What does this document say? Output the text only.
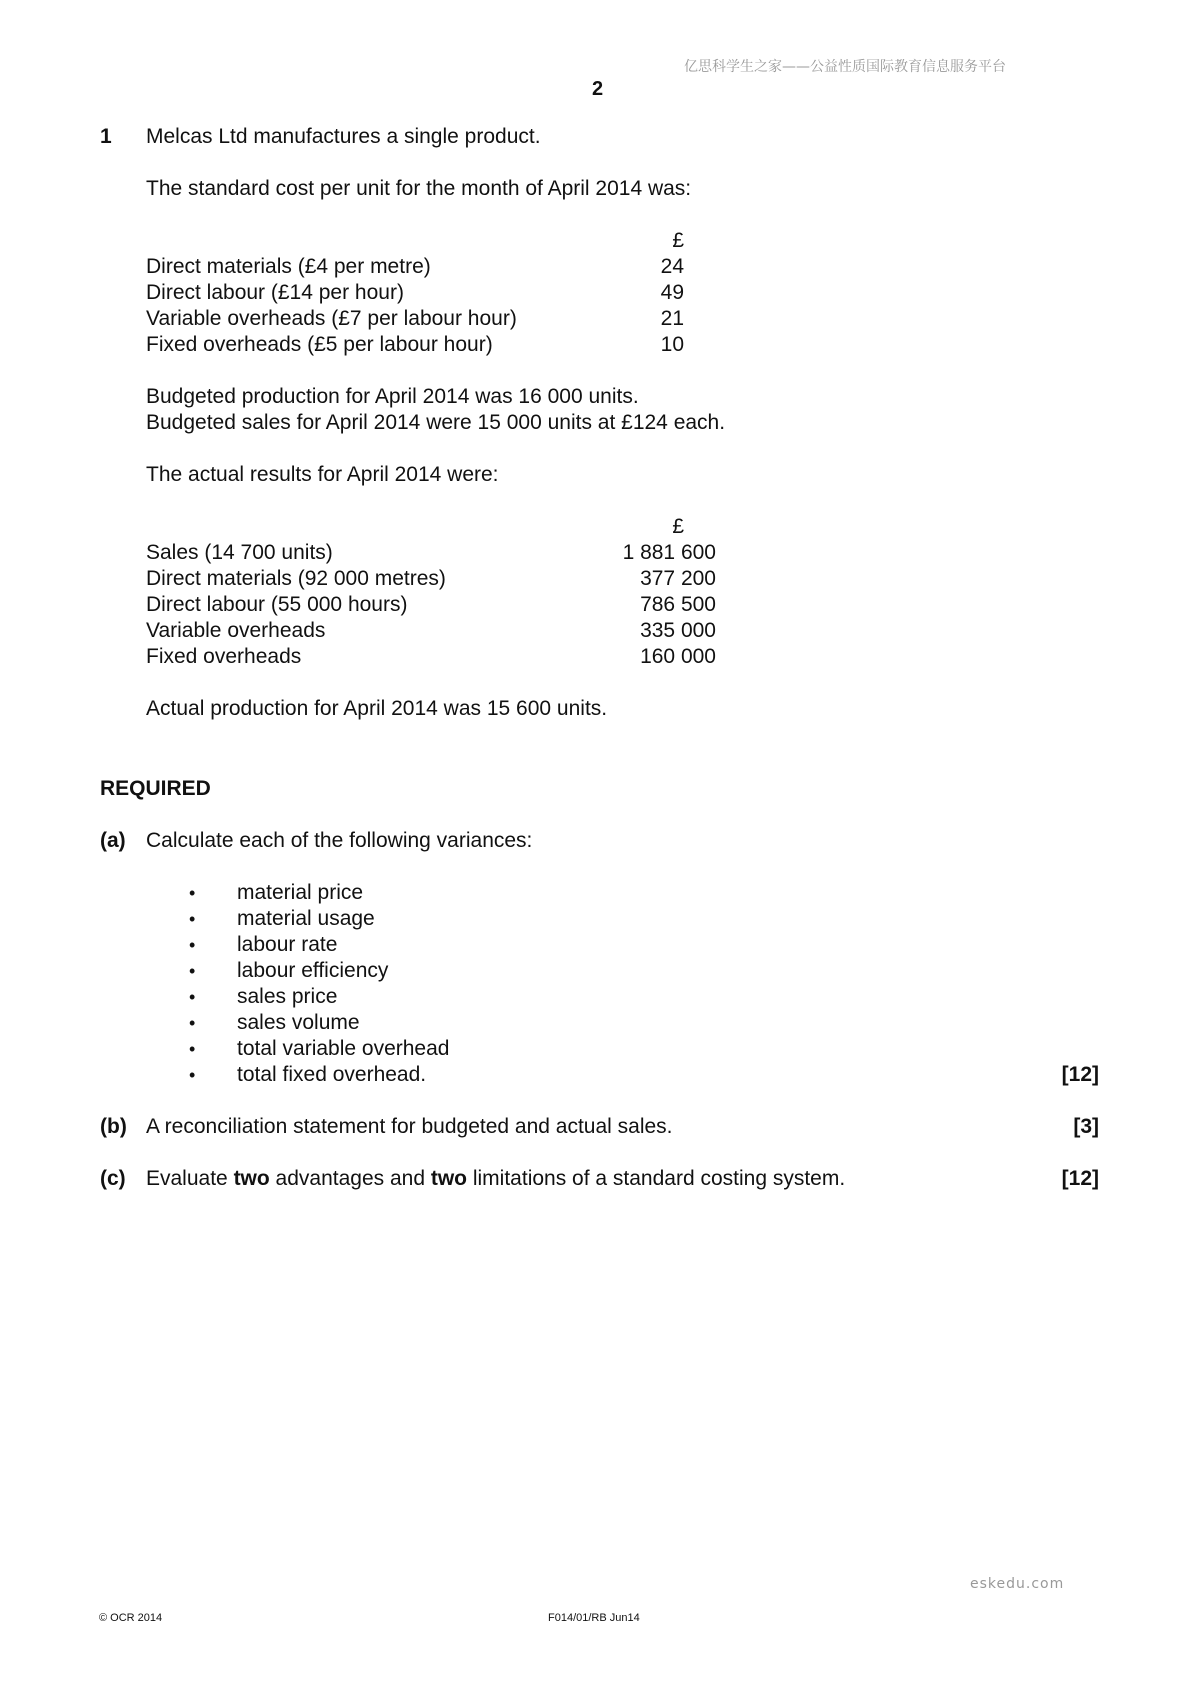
亿思科学生之家——公益性质国际教育信息服务平台
2
1 Melcas Ltd manufactures a single product.
The standard cost per unit for the month of April 2014 was:
£
Direct materials (£4 per metre)	24
Direct labour (£14 per hour)	49
Variable overheads (£7 per labour hour)	21
Fixed overheads (£5 per labour hour)	10
Budgeted production for April 2014 was 16 000 units.
Budgeted sales for April 2014 were 15 000 units at £124 each.
The actual results for April 2014 were:
£
Sales (14 700 units)	1 881 600
Direct materials (92 000 metres)	377 200
Direct labour (55 000 hours)	786 500
Variable overheads	335 000
Fixed overheads	160 000
Actual production for April 2014 was 15 600 units.
REQUIRED
(a) Calculate each of the following variances:
• material price
• material usage
• labour rate
• labour efficiency
• sales price
• sales volume
• total variable overhead
• total fixed overhead.	[12]
(b) A reconciliation statement for budgeted and actual sales.	[3]
(c) Evaluate two advantages and two limitations of a standard costing system.	[12]
eskedu.com
© OCR 2014	F014/01/RB Jun14
